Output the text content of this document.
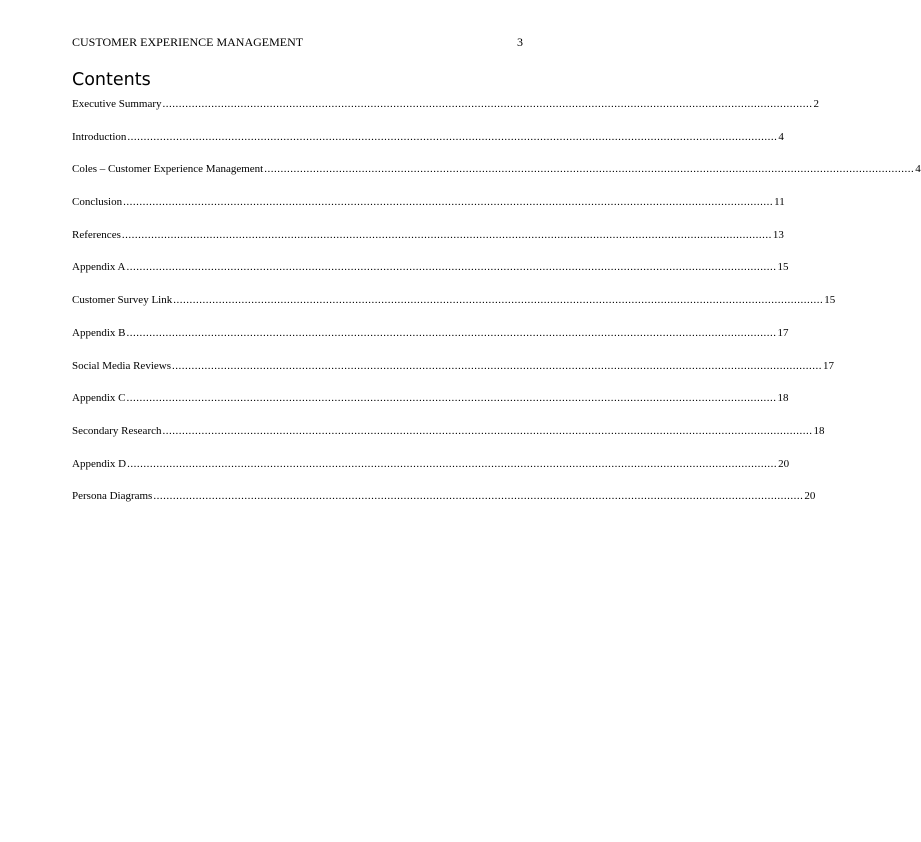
CUSTOMER EXPERIENCE MANAGEMENT	3
Contents
Executive Summary ........................................................................................................................................................................................................ 2
Introduction ........................................................................................................................................................................................................ 4
Coles – Customer Experience Management ........................................................................................................................................................................................................ 4
Conclusion ........................................................................................................................................................................................................ 11
References ........................................................................................................................................................................................................ 13
Appendix A ........................................................................................................................................................................................................ 15
Customer Survey Link ........................................................................................................................................................................................................ 15
Appendix B ........................................................................................................................................................................................................ 17
Social Media Reviews ........................................................................................................................................................................................................ 17
Appendix C ........................................................................................................................................................................................................ 18
Secondary Research ........................................................................................................................................................................................................ 18
Appendix D ........................................................................................................................................................................................................ 20
Persona Diagrams ........................................................................................................................................................................................................ 20
